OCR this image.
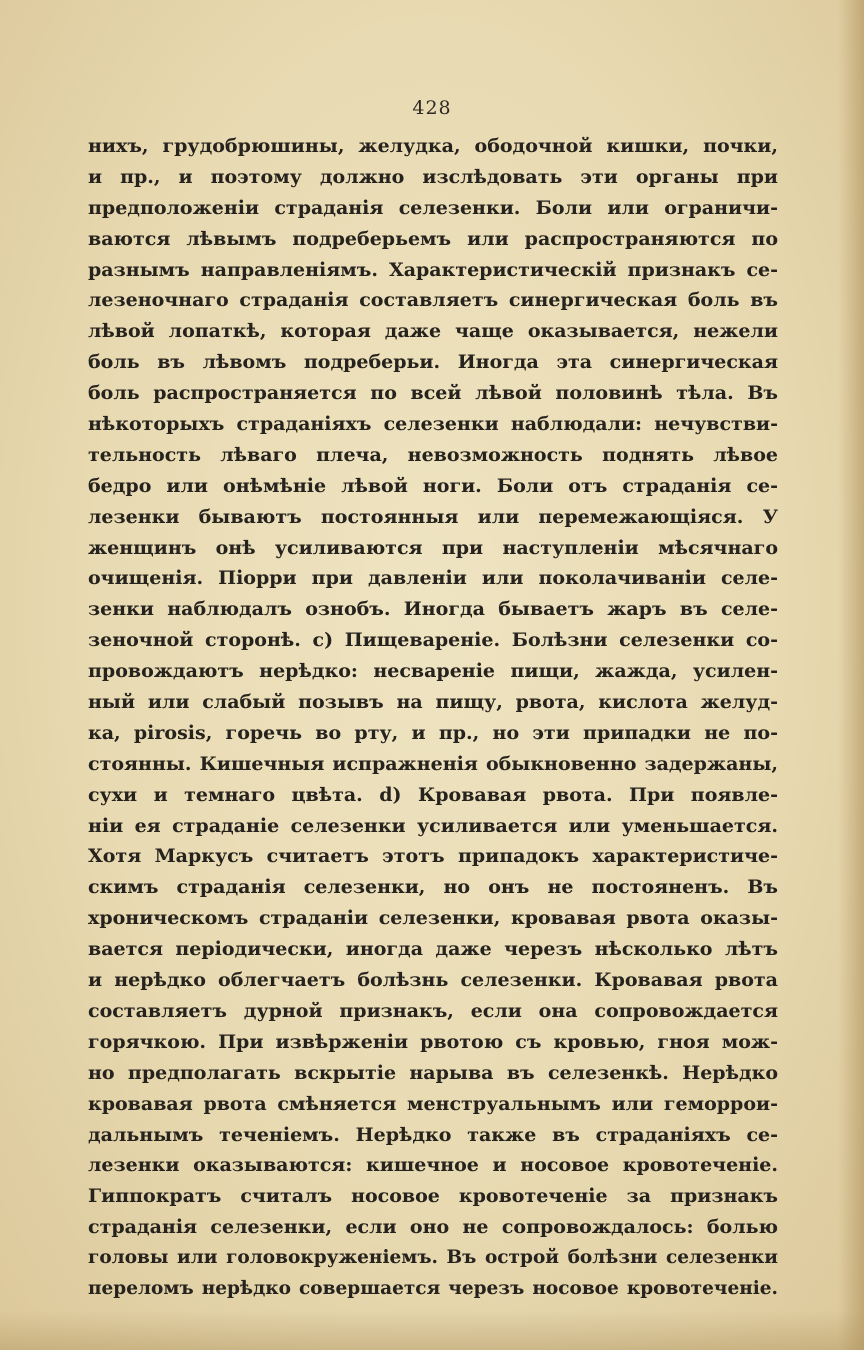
428
нихъ, грудобрюшины, желудка, ободочной кишки, почки,
и пр., и поэтому должно изслѣдовать эти органы при
предположеніи страданія селезенки. Боли или ограничи-
ваются лѣвымъ подреберьемъ или распространяются по
разнымъ направленіямъ. Характеристическій признакъ се-
лезеночнаго страданія составляетъ синергическая боль въ
лѣвой лопаткѣ, которая даже чаще оказывается, нежели
боль въ лѣвомъ подреберьи. Иногда эта синергическая
боль распространяется по всей лѣвой половинѣ тѣла. Въ
нѣкоторыхъ страданіяхъ селезенки наблюдали: нечувстви-
тельность лѣваго плеча, невозможность поднять лѣвое
бедро или онѣмѣніе лѣвой ноги. Боли отъ страданія се-
лезенки бываютъ постоянныя или перемежающіяся. У
женщинъ онѣ усиливаются при наступленіи мѣсячнаго
очищенія. Піорри при давленіи или поколачиваніи селе-
зенки наблюдалъ ознобъ. Иногда бываетъ жаръ въ селе-
зеночной сторонѣ. c) Пищевареніе. Болѣзни селезенки со-
провождаютъ нерѣдко: несвареніе пищи, жажда, усилен-
ный или слабый позывъ на пищу, рвота, кислота желуд-
ка, pirosis, горечь во рту, и пр., но эти припадки не по-
стоянны. Кишечныя испражненія обыкновенно задержаны,
сухи и темнаго цвѣта. d) Кровавая рвота. При появле-
ніи ея страданіе селезенки усиливается или уменьшается.
Хотя Маркусъ считаетъ этотъ припадокъ характеристиче-
скимъ страданія селезенки, но онъ не постояненъ. Въ
хроническомъ страданіи селезенки, кровавая рвота оказы-
вается періодически, иногда даже черезъ нѣсколько лѣтъ
и нерѣдко облегчаетъ болѣзнь селезенки. Кровавая рвота
составляетъ дурной признакъ, если она сопровождается
горячкою. При извѣрженіи рвотою съ кровью, гноя мож-
но предполагать вскрытіе нарыва въ селезенкѣ. Нерѣдко
кровавая рвота смѣняется менструальнымъ или геморрои-
дальнымъ теченіемъ. Нерѣдко также въ страданіяхъ се-
лезенки оказываются: кишечное и носовое кровотеченіе.
Гиппократъ считалъ носовое кровотеченіе за признакъ
страданія селезенки, если оно не сопровождалось: болью
головы или головокруженіемъ. Въ острой болѣзни селезенки
переломъ нерѣдко совершается черезъ носовое кровотеченіе.
